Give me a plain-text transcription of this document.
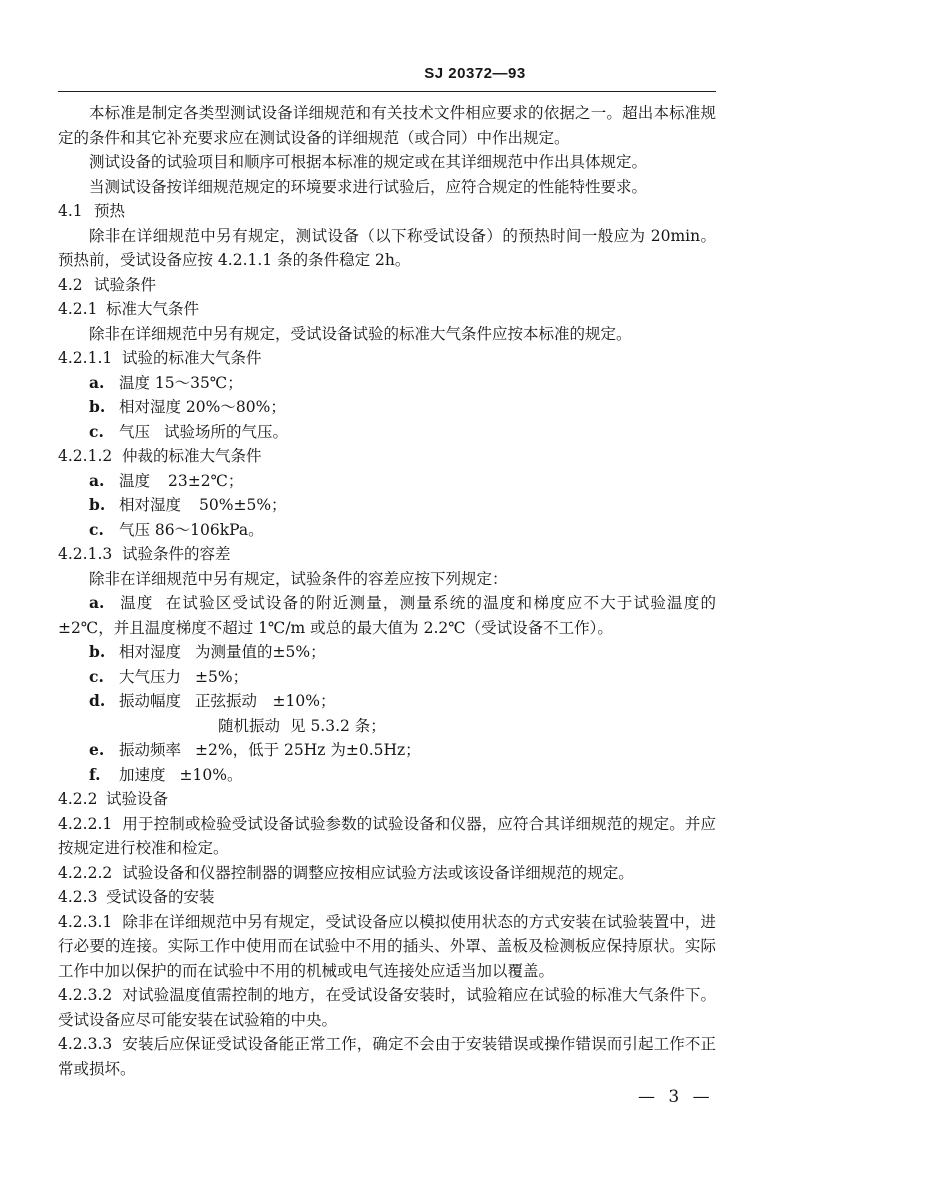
SJ 20372—93

本标准是制定各类型测试设备详细规范和有关技术文件相应要求的依据之一。超出本标准规定的条件和其它补充要求应在测试设备的详细规范（或合同）中作出规定。

测试设备的试验项目和顺序可根据本标准的规定或在其详细规范中作出具体规定。

当测试设备按详细规范规定的环境要求进行试验后，应符合规定的性能特性要求。

4.1 预热

除非在详细规范中另有规定，测试设备（以下称受试设备）的预热时间一般应为 20min。预热前，受试设备应按 4.2.1.1 条的条件稳定 2h。

4.2 试验条件

4.2.1 标准大气条件

除非在详细规范中另有规定，受试设备试验的标准大气条件应按本标准的规定。

4.2.1.1 试验的标准大气条件

a. 温度 15～35℃；

b. 相对湿度 20%～80%；

c. 气压 试验场所的气压。

4.2.1.2 仲裁的标准大气条件

a. 温度 23±2℃；

b. 相对湿度 50%±5%；

c. 气压 86～106kPa。

4.2.1.3 试验条件的容差

除非在详细规范中另有规定，试验条件的容差应按下列规定：

a. 温度 在试验区受试设备的附近测量，测量系统的温度和梯度应不大于试验温度的±2℃，并且温度梯度不超过 1℃/m 或总的最大值为 2.2℃（受试设备不工作）。

b. 相对湿度 为测量值的±5%；

c. 大气压力 ±5%；

d. 振动幅度 正弦振动　±10%；

随机振动 见 5.3.2 条；

e. 振动频率 ±2%，低于 25Hz 为±0.5Hz；

f. 加速度 ±10%。

4.2.2 试验设备

4.2.2.1 用于控制或检验受试设备试验参数的试验设备和仪器，应符合其详细规范的规定。并应按规定进行校准和检定。

4.2.2.2 试验设备和仪器控制器的调整应按相应试验方法或该设备详细规范的规定。

4.2.3 受试设备的安装

4.2.3.1 除非在详细规范中另有规定，受试设备应以模拟使用状态的方式安装在试验装置中，进行必要的连接。实际工作中使用而在试验中不用的插头、外罩、盖板及检测板应保持原状。实际工作中加以保护的而在试验中不用的机械或电气连接处应适当加以覆盖。

4.2.3.2 对试验温度值需控制的地方，在受试设备安装时，试验箱应在试验的标准大气条件下。受试设备应尽可能安装在试验箱的中央。

4.2.3.3 安装后应保证受试设备能正常工作，确定不会由于安装错误或操作错误而引起工作不正常或损坏。

— 3 —
